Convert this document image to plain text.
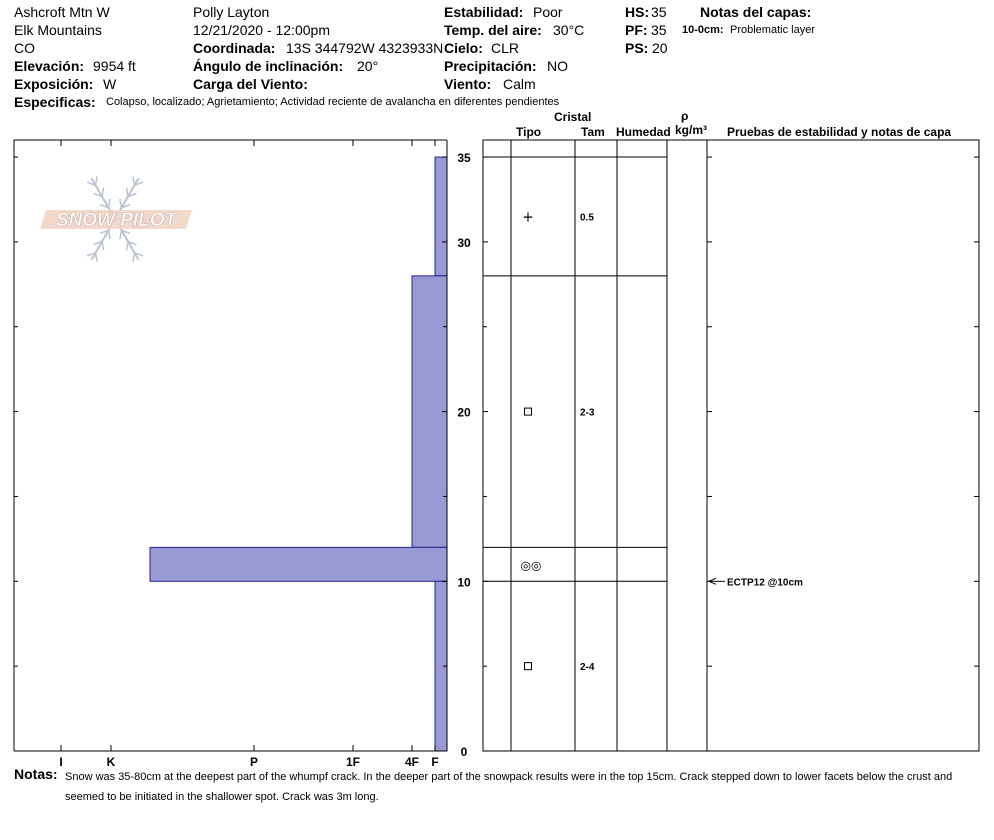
Ashcroft Mtn W
Elk Mountains
CO
Elevación: 9954 ft
Exposición: W
Polly Layton
12/21/2020 - 12:00pm
Coordinada: 13S 344792W 4323933N
Ángulo de inclinación: 20°
Carga del Viento:
Estabilidad: Poor
Temp. del aire: 30°C
Cielo: CLR
Precipitación: NO
Viento: Calm
HS: 35
PF: 35
PS: 20
Notas del capas:
10-0cm: Problematic layer
Especificas: Colapso, localizado; Agrietamiento; Actividad reciente de avalancha en diferentes pendientes
Cristal
Tipo	Tam Humedad
ρ
kg/m³ Pruebas de estabilidad y notas de capa
SNOW PILOT
I	K	P	1F	4F F
0
10
20
30
35
+	0.5
2-3
◎◎
2-4
ECTP12 @10cm
Notas: Snow was 35-80cm at the deepest part of the whumpf crack. In the deeper part of the snowpack results were in the top 15cm. Crack stepped down to lower facets below the crust and seemed to be initiated in the shallower spot. Crack was 3m long.
